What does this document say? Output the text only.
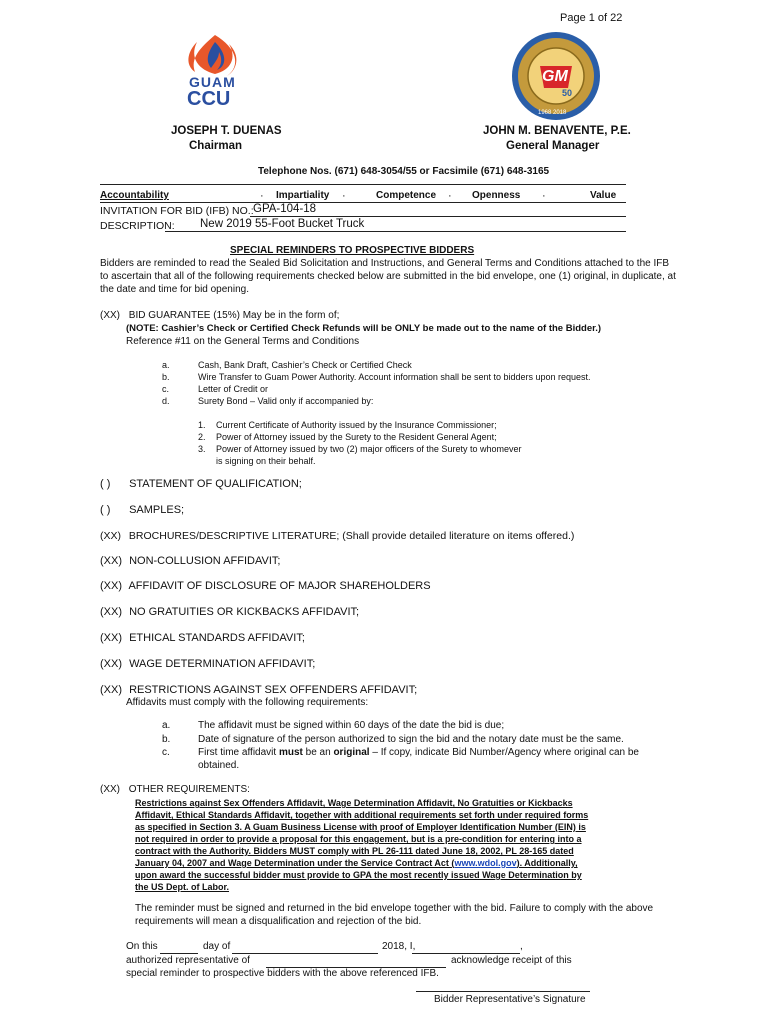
Page 1 of 22
GUAM
CCU
GM
50
1968 2018
JOSEPH T. DUENAS
Chairman
JOHN M. BENAVENTE, P.E.
General Manager
Telephone Nos. (671) 648-3054/55 or Facsimile (671) 648-3165
Accountability	· Impartiality ·	Competence · Openness ·	Value
INVITATION FOR BID (IFB) NO.: GPA-104-18
DESCRIPTION: New 2019 55-Foot Bucket Truck
SPECIAL REMINDERS TO PROSPECTIVE BIDDERS
Bidders are reminded to read the Sealed Bid Solicitation and Instructions, and General Terms and Conditions attached to the IFB
to ascertain that all of the following requirements checked below are submitted in the bid envelope, one (1) original, in duplicate, at
the date and time for bid opening.
(XX) BID GUARANTEE (15%) May be in the form of;
(NOTE: Cashier’s Check or Certified Check Refunds will be ONLY be made out to the name of the Bidder.)
Reference #11 on the General Terms and Conditions
a.	Cash, Bank Draft, Cashier’s Check or Certified Check
b.	Wire Transfer to Guam Power Authority. Account information shall be sent to bidders upon request.
c.	Letter of Credit or
d.	Surety Bond – Valid only if accompanied by:
1. Current Certificate of Authority issued by the Insurance Commissioner;
2. Power of Attorney issued by the Surety to the Resident General Agent;
3. Power of Attorney issued by two (2) major officers of the Surety to whomever
is signing on their behalf.
( ) STATEMENT OF QUALIFICATION;
( ) SAMPLES;
(XX) BROCHURES/DESCRIPTIVE LITERATURE; (Shall provide detailed literature on items offered.)
(XX) NON-COLLUSION AFFIDAVIT;
(XX) AFFIDAVIT OF DISCLOSURE OF MAJOR SHAREHOLDERS
(XX) NO GRATUITIES OR KICKBACKS AFFIDAVIT;
(XX) ETHICAL STANDARDS AFFIDAVIT;
(XX) WAGE DETERMINATION AFFIDAVIT;
(XX) RESTRICTIONS AGAINST SEX OFFENDERS AFFIDAVIT;
Affidavits must comply with the following requirements:
a.	The affidavit must be signed within 60 days of the date the bid is due;
b.	Date of signature of the person authorized to sign the bid and the notary date must be the same.
c.	First time affidavit must be an original – If copy, indicate Bid Number/Agency where original can be
obtained.
(XX) OTHER REQUIREMENTS:
Restrictions against Sex Offenders Affidavit, Wage Determination Affidavit, No Gratuities or Kickbacks
Affidavit, Ethical Standards Affidavit, together with additional requirements set forth under required forms
as specified in Section 3. A Guam Business License with proof of Employer Identification Number (EIN) is
not required in order to provide a proposal for this engagement, but is a pre-condition for entering into a
contract with the Authority. Bidders MUST comply with PL 26-111 dated June 18, 2002, PL 28-165 dated
January 04, 2007 and Wage Determination under the Service Contract Act (www.wdol.gov). Additionally,
upon award the successful bidder must provide to GPA the most recently issued Wage Determination by
the US Dept. of Labor.
The reminder must be signed and returned in the bid envelope together with the bid. Failure to comply with the above
requirements will mean a disqualification and rejection of the bid.
On this	day of	2018, I,	,
authorized representative of	acknowledge receipt of this
special reminder to prospective bidders with the above referenced IFB.
Bidder Representative’s Signature
